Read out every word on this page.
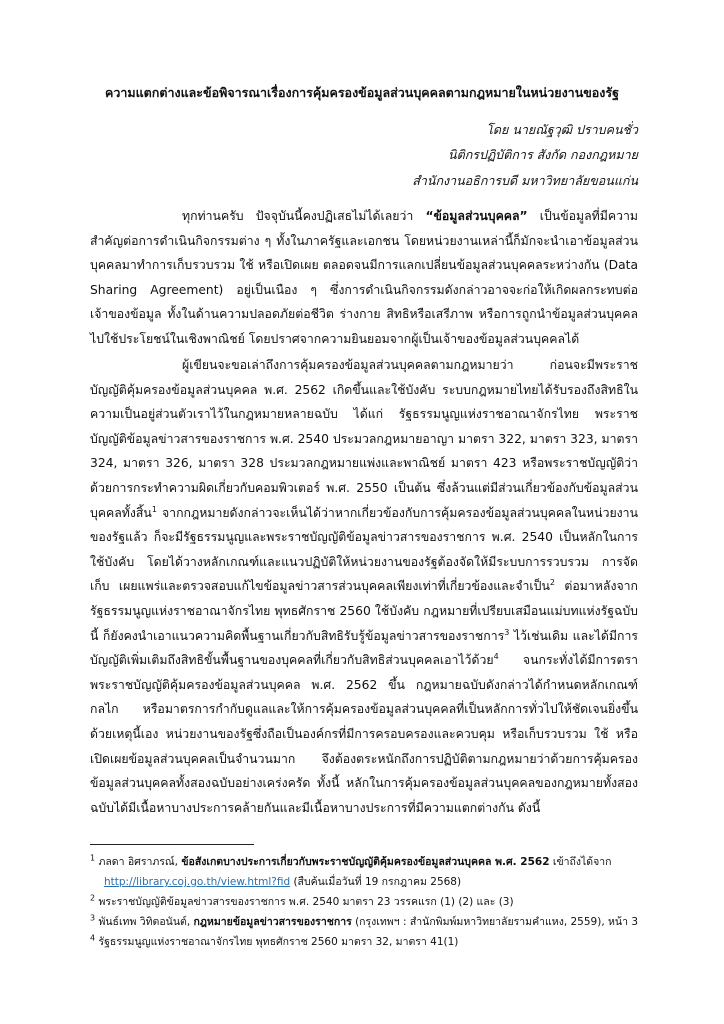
ความแตกต่างและข้อพิจารณาเรื่องการคุ้มครองข้อมูลส่วนบุคคลตามกฎหมายในหน่วยงานของรัฐ
โดย นายณัฐวุฒิ ปราบคนชั่ว
นิติกรปฏิบัติการ สังกัด กองกฎหมาย
สำนักงานอธิการบดี มหาวิทยาลัยขอนแก่น

ทุกท่านครับ ปัจจุบันนี้คงปฏิเสธไม่ได้เลยว่า “ข้อมูลส่วนบุคคล” เป็นข้อมูลที่มีความสำคัญต่อการดำเนินกิจกรรมต่าง ๆ ทั้งในภาครัฐและเอกชน โดยหน่วยงานเหล่านี้ก็มักจะนำเอาข้อมูลส่วนบุคคลมาทำการเก็บรวบรวม ใช้ หรือเปิดเผย ตลอดจนมีการแลกเปลี่ยนข้อมูลส่วนบุคคลระหว่างกัน (Data Sharing Agreement) อยู่เป็นเนือง ๆ ซึ่งการดำเนินกิจกรรมดังกล่าวอาจจะก่อให้เกิดผลกระทบต่อเจ้าของข้อมูล ทั้งในด้านความปลอดภัยต่อชีวิต ร่างกาย สิทธิหรือเสรีภาพ หรือการถูกนำข้อมูลส่วนบุคคลไปใช้ประโยชน์ในเชิงพาณิชย์ โดยปราศจากความยินยอมจากผู้เป็นเจ้าของข้อมูลส่วนบุคคลได้

ผู้เขียนจะขอเล่าถึงการคุ้มครองข้อมูลส่วนบุคคลตามกฎหมายว่า ก่อนจะมีพระราชบัญญัติคุ้มครองข้อมูลส่วนบุคคล พ.ศ. 2562 เกิดขึ้นและใช้บังคับ ระบบกฎหมายไทยได้รับรองถึงสิทธิในความเป็นอยู่ส่วนตัวเราไว้ในกฎหมายหลายฉบับ ได้แก่ รัฐธรรมนูญแห่งราชอาณาจักรไทย พระราชบัญญัติข้อมูลข่าวสารของราชการ พ.ศ. 2540 ประมวลกฎหมายอาญา มาตรา 322, มาตรา 323, มาตรา 324, มาตรา 326, มาตรา 328 ประมวลกฎหมายแพ่งและพาณิชย์ มาตรา 423 หรือพระราชบัญญัติว่าด้วยการกระทำความผิดเกี่ยวกับคอมพิวเตอร์ พ.ศ. 2550 เป็นต้น ซึ่งล้วนแต่มีส่วนเกี่ยวข้องกับข้อมูลส่วนบุคคลทั้งสิ้น$^1$ จากกฎหมายดังกล่าวจะเห็นได้ว่าหากเกี่ยวข้องกับการคุ้มครองข้อมูลส่วนบุคคลในหน่วยงานของรัฐแล้ว ก็จะมีรัฐธรรมนูญและพระราชบัญญัติข้อมูลข่าวสารของราชการ พ.ศ. 2540 เป็นหลักในการใช้บังคับ โดยได้วางหลักเกณฑ์และแนวปฏิบัติให้หน่วยงานของรัฐต้องจัดให้มีระบบการรวบรวม การจัดเก็บ เผยแพร่และตรวจสอบแก้ไขข้อมูลข่าวสารส่วนบุคคลเพียงเท่าที่เกี่ยวข้องและจำเป็น$^2$ ต่อมาหลังจากรัฐธรรมนูญแห่งราชอาณาจักรไทย พุทธศักราช 2560 ใช้บังคับ กฎหมายที่เปรียบเสมือนแม่บทแห่งรัฐฉบับนี้ ก็ยังคงนำเอาแนวความคิดพื้นฐานเกี่ยวกับสิทธิรับรู้ข้อมูลข่าวสารของราชการ$^3$ ไว้เช่นเดิม และได้มีการบัญญัติเพิ่มเติมถึงสิทธิขั้นพื้นฐานของบุคคลที่เกี่ยวกับสิทธิส่วนบุคคลเอาไว้ด้วย$^4$ จนกระทั่งได้มีการตราพระราชบัญญัติคุ้มครองข้อมูลส่วนบุคคล พ.ศ. 2562 ขึ้น กฎหมายฉบับดังกล่าวได้กำหนดหลักเกณฑ์ กลไก หรือมาตรการกำกับดูแลและให้การคุ้มครองข้อมูลส่วนบุคคลที่เป็นหลักการทั่วไปให้ชัดเจนยิ่งขึ้น ด้วยเหตุนี้เอง หน่วยงานของรัฐซึ่งถือเป็นองค์กรที่มีการครอบครองและควบคุม หรือเก็บรวบรวม ใช้ หรือเปิดเผยข้อมูลส่วนบุคคลเป็นจำนวนมาก จึงต้องตระหนักถึงการปฏิบัติตามกฎหมายว่าด้วยการคุ้มครองข้อมูลส่วนบุคคลทั้งสองฉบับอย่างเคร่งครัด ทั้งนี้ หลักในการคุ้มครองข้อมูลส่วนบุคคลของกฎหมายทั้งสองฉบับได้มีเนื้อหาบางประการคล้ายกันและมีเนื้อหาบางประการที่มีความแตกต่างกัน ดังนี้

$^1$ ภลดา อิศราภรณ์, ข้อสังเกตบางประการเกี่ยวกับพระราชบัญญัติคุ้มครองข้อมูลส่วนบุคคล พ.ศ. 2562 เข้าถึงได้จาก
http://library.coj.go.th/view.html?fid (สืบค้นเมื่อวันที่ 19 กรกฎาคม 2568)
$^2$ พระราชบัญญัติข้อมูลข่าวสารของราชการ พ.ศ. 2540 มาตรา 23 วรรคแรก (1) (2) และ (3)
$^3$ พันธ์เทพ วิทิตอนันต์, กฎหมายข้อมูลข่าวสารของราชการ (กรุงเทพฯ : สำนักพิมพ์มหาวิทยาลัยรามคำแหง, 2559), หน้า 3
$^4$ รัฐธรรมนูญแห่งราชอาณาจักรไทย พุทธศักราช 2560 มาตรา 32, มาตรา 41(1)
